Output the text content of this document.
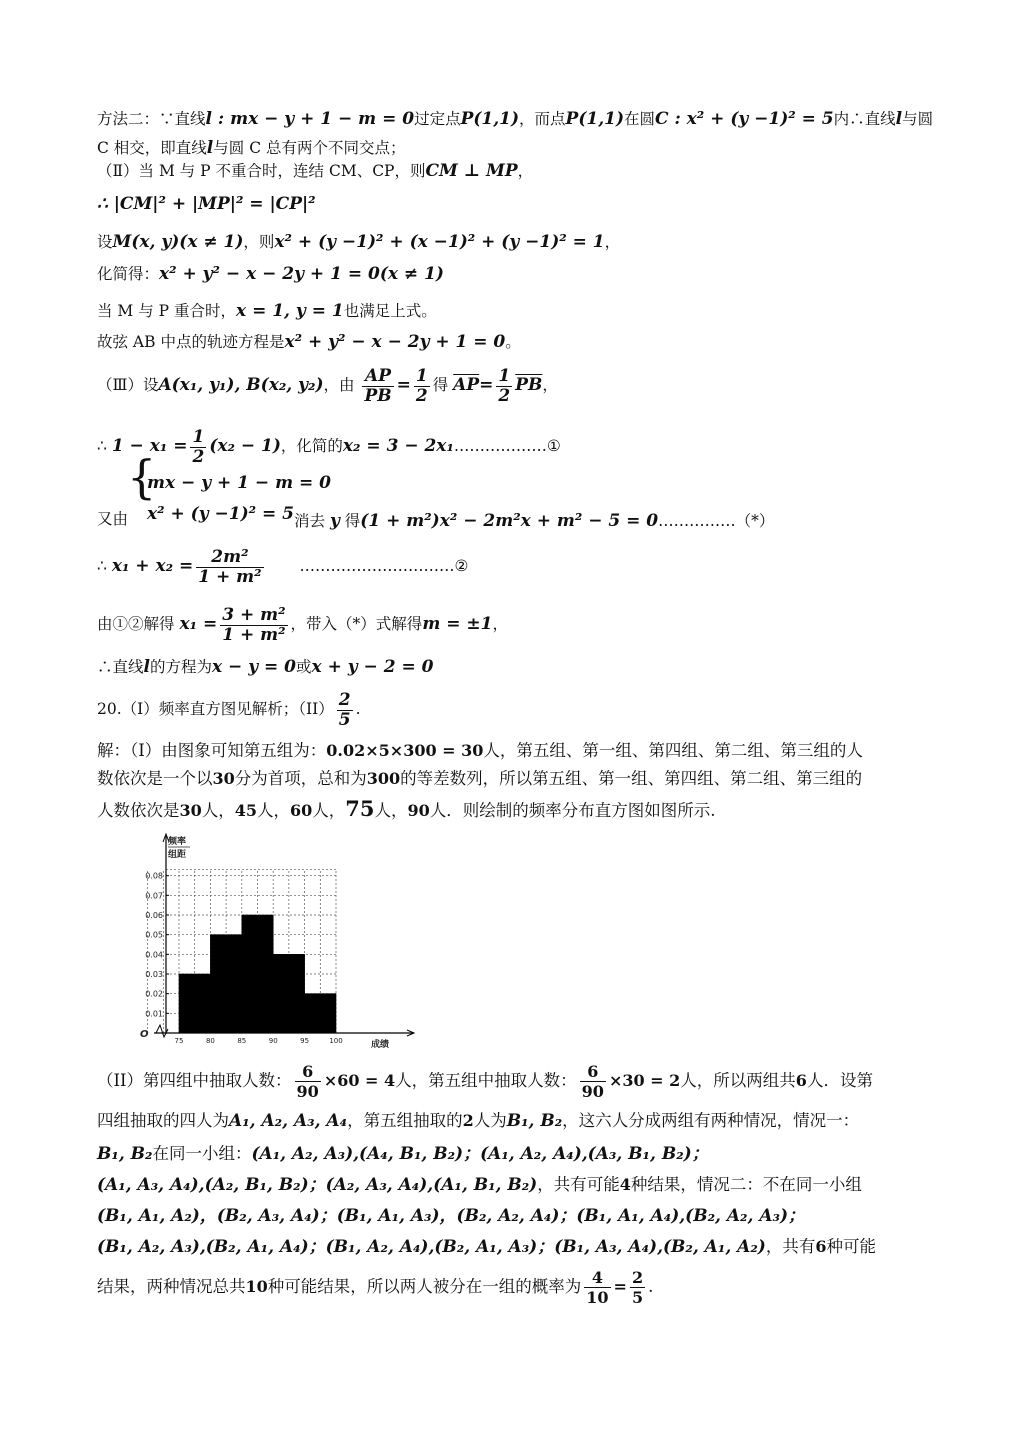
方法二：∵直线l : mx − y + 1 − m = 0过定点P(1,1)，而点P(1,1)在圆C : x² + (y −1)² = 5内∴直线l与圆
C 相交，即直线l与圆 C 总有两个不同交点；
（Ⅱ）当 M 与 P 不重合时，连结 CM、CP，则CM ⊥ MP，
∴ |CM|² + |MP|² = |CP|²
设M(x, y)(x ≠ 1)，则x² + (y −1)² + (x −1)² + (y −1)² = 1，
化简得：x² + y² − x − 2y + 1 = 0(x ≠ 1)
当 M 与 P 重合时，x = 1, y = 1也满足上式。
故弦 AB 中点的轨迹方程是x² + y² − x − 2y + 1 = 0。
（Ⅲ）设A(x₁, y₁), B(x₂, y₂)，由 $\frac{AP}{PB} = \frac{1}{2}$ 得 $\overline{AP}= \frac{1}{2} \overline{PB}$，
∴ $1 - x_1 = \frac{1}{2} (x_2 - 1)$，化简的x₂ = 3 − 2x₁………………①
又由
{
mx − y + 1 − m = 0
x² + (y −1)² = 5 消去 y 得(1 + m²)x² − 2m²x + m² − 5 = 0……………（*）
∴ $x_1 + x_2 = \frac{\text{2m²}}{\text{1 + m²}}$ …………………………②
由①②解得 $x_1 = \frac{\text{3 + m²}}{\text{1 + m²}}$ ，带入（*）式解得m = ±1，
∴直线l的方程为x − y = 0或x + y − 2 = 0
20.（I）频率直方图见解析；$(II) \frac{2}{5}$ .
解：（I）由图象可知第五组为：0.02×5×300 = 30人，第五组、第一组、第四组、第二组、第三组的人
数依次是一个以30分为首项，总和为300的等差数列，所以第五组、第一组、第四组、第二组、第三组的
人数依次是30人，45人，60人，75人，90人．则绘制的频率分布直方图如图所示.
0.01
0.02
0.03
0.04
0.05
0.06
0.07
0.08
75	80	85	90	95	100
O
频率
组距
成绩
（II）第四组中抽取人数： $\frac{6}{90} \times 60 = 4$人，第五组中抽取人数： $\frac{6}{90} \times 30 = 2$人，所以两组共6人．设第
四组抽取的四人为A₁, A₂, A₃, A₄，第五组抽取的2人为B₁, B₂，这六人分成两组有两种情况，情况一：
B₁, B₂在同一小组：(A₁, A₂, A₃),(A₄, B₁, B₂)；(A₁, A₂, A₄),(A₃, B₁, B₂)；
(A₁, A₃, A₄),(A₂, B₁, B₂)；(A₂, A₃, A₄),(A₁, B₁, B₂)，共有可能4种结果，情况二：不在同一小组
(B₁, A₁, A₂)，(B₂, A₃, A₄)；(B₁, A₁, A₃)，(B₂, A₂, A₄)；(B₁, A₁, A₄),(B₂, A₂, A₃)；
(B₁, A₂, A₃),(B₂, A₁, A₄)；(B₁, A₂, A₄),(B₂, A₁, A₃)；(B₁, A₃, A₄),(B₂, A₁, A₂)，共有6种可能
结果，两种情况总共10种可能结果，所以两人被分在一组的概率为 $\frac{4}{10} = \frac{2}{5}$ .
